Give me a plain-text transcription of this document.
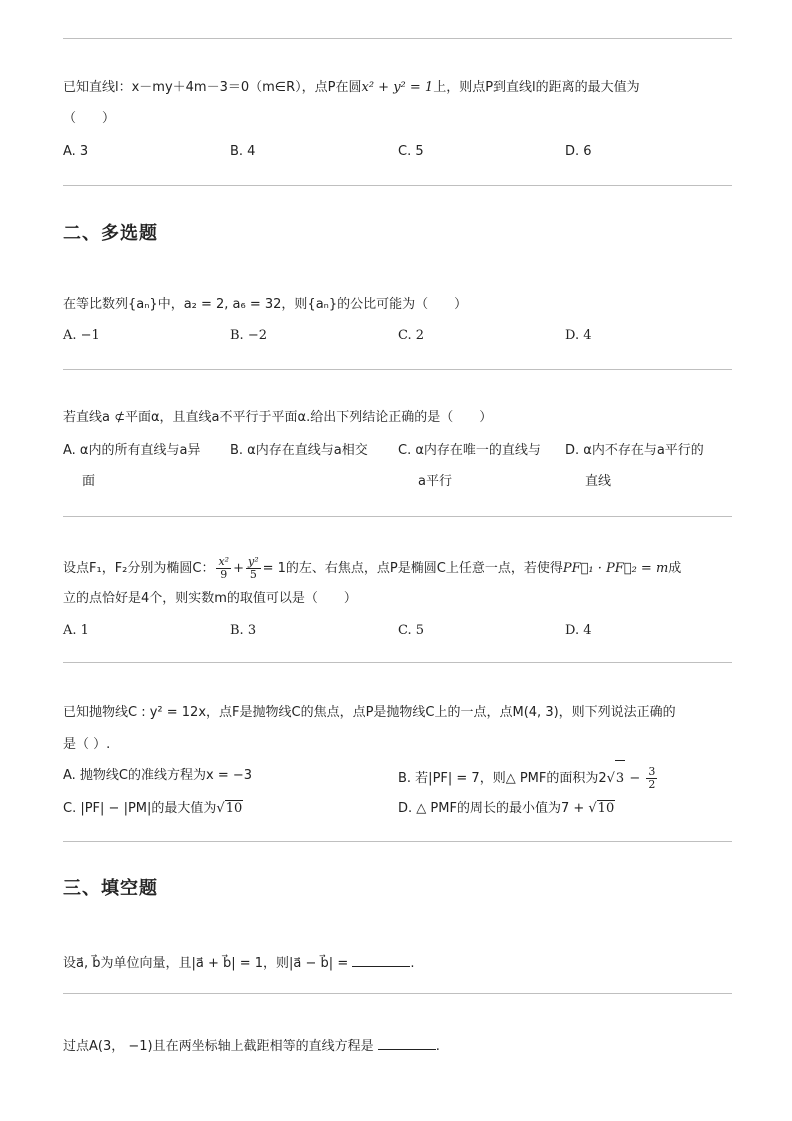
已知直线l：x－my＋4m－3＝0（m∈R），点P在圆x² + y² = 1上，则点P到直线l的距离的最大值为
（　　）
A. 3	B. 4	C. 5	D. 6
二、多选题
在等比数列{aₙ}中，a₂ = 2, a₆ = 32，则{aₙ}的公比可能为（　　）
A. −1	B. −2	C. 2	D. 4
若直线a ⊄平面α，且直线a不平行于平面α.给出下列结论正确的是（　　）
A. α内的所有直线与a异
面
B. α内存在直线与a相交 C. α内存在唯一的直线与
a平行
D. α内不存在与a平行的
直线
设点F₁，F₂分别为椭圆C： $\frac{\text{x²}}{9} + \frac{\text{y²}}{5} = 1$的左、右焦点，点P是椭圆C上任意一点，若使得PF⃗₁ · PF⃗₂ = m成
立的点恰好是4个，则实数m的取值可以是（　　）
A. 1	B. 3	C. 5	D. 4
已知抛物线C : y² = 12x，点F是抛物线C的焦点，点P是抛物线C上的一点，点M(4, 3)，则下列说法正确的
是（ ）.
A. 抛物线C的准线方程为x = −3	B. 若|PF| = 7，则△ PMF的面积为$2√3 - \frac{3}{2}$
C. |PF| − |PM|的最大值为√10	D. △ PMF的周长的最小值为7 + √10
三、填空题
设a⃗, b⃗为单位向量，且|a⃗ + b⃗| = 1，则|a⃗ − b⃗| =	.
过点A(3， −1)且在两坐标轴上截距相等的直线方程是	.
